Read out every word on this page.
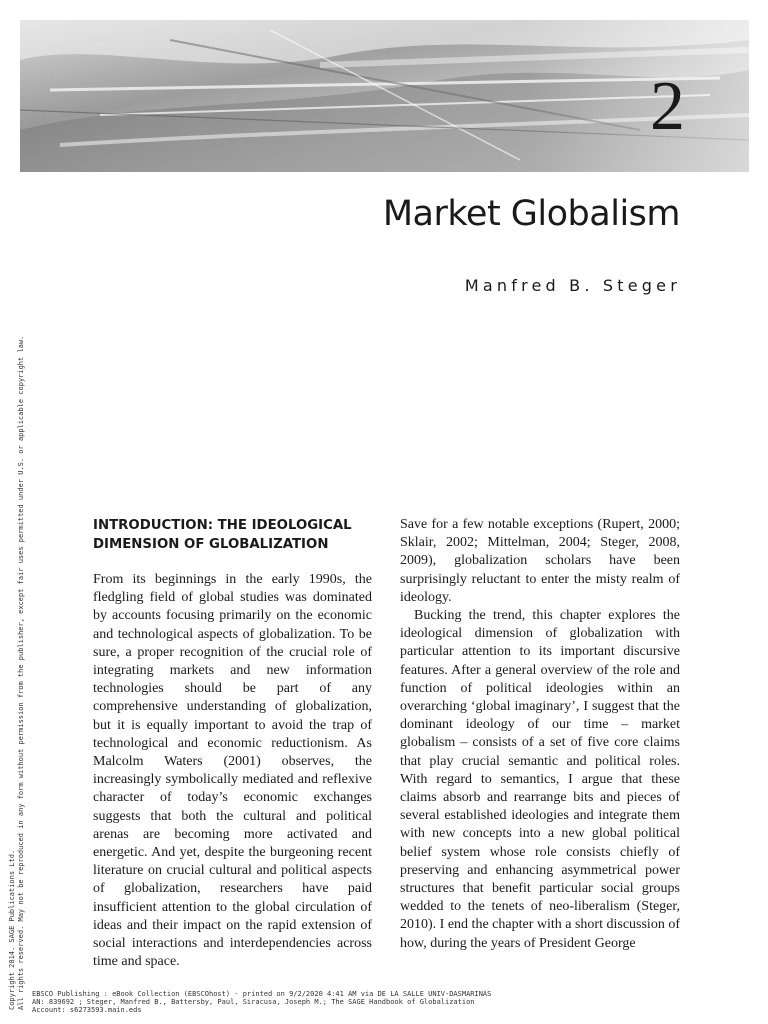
2
Market Globalism
Manfred B. Steger
Copyright 2014. SAGE Publications Ltd. All rights reserved. May not be reproduced in any form without permission from the publisher, except fair uses permitted under U.S. or applicable copyright law.	INTRODUCTION: THE IDEOLOGICAL DIMENSION OF GLOBALIZATION

From its beginnings in the early 1990s, the fledgling field of global studies was dominated by accounts focusing primarily on the economic and technological aspects of globalization. To be sure, a proper recognition of the crucial role of integrating markets and new information technologies should be part of any comprehensive understanding of globalization, but it is equally important to avoid the trap of technological and economic reductionism. As Malcolm Waters (2001) observes, the increasingly symbolically mediated and reflexive character of today’s economic exchanges suggests that both the cultural and political arenas are becoming more activated and energetic. And yet, despite the burgeoning recent literature on crucial cultural and political aspects of globalization, researchers have paid insufficient attention to the global circulation of ideas and their impact on the rapid extension of social interactions and interdependencies across time and space.

Save for a few notable exceptions (Rupert, 2000; Sklair, 2002; Mittelman, 2004; Steger, 2008, 2009), globalization scholars have been surprisingly reluctant to enter the misty realm of ideology.

Bucking the trend, this chapter explores the ideological dimension of globalization with particular attention to its important discursive features. After a general overview of the role and function of political ideologies within an overarching ‘global imaginary’, I suggest that the dominant ideology of our time – market globalism – consists of a set of five core claims that play crucial semantic and political roles. With regard to semantics, I argue that these claims absorb and rearrange bits and pieces of several established ideologies and integrate them with new concepts into a new global political belief system whose role consists chiefly of preserving and enhancing asymmetrical power structures that benefit particular social groups wedded to the tenets of neo-liberalism (Steger, 2010). I end the chapter with a short discussion of how, during the years of President George

EBSCO Publishing : eBook Collection (EBSCOhost) - printed on 9/2/2020 4:41 AM via DE LA SALLE UNIV-DASMARINAS
AN: 839692 ; Steger, Manfred B., Battersby, Paul, Siracusa, Joseph M.; The SAGE Handbook of Globalization
Account: s6273593.main.eds
